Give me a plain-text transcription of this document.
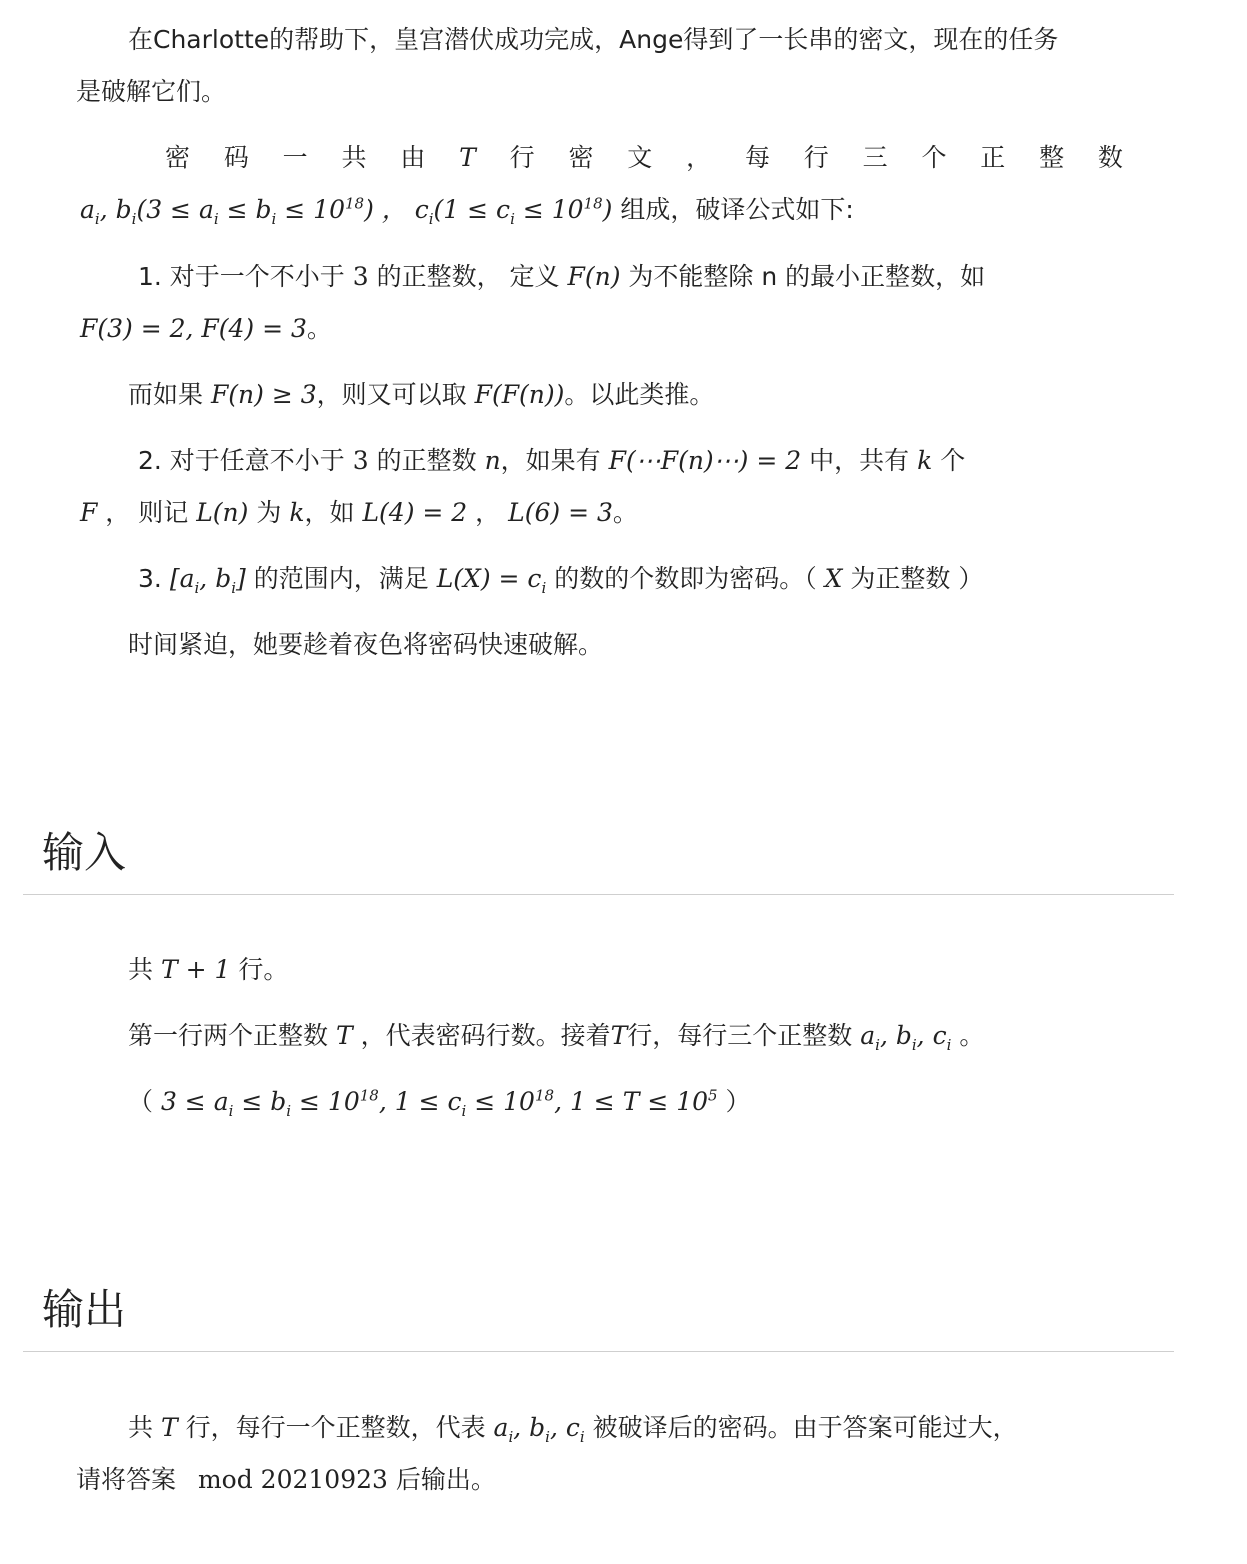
在Charlotte的帮助下，皇宫潜伏成功完成，Ange得到了一长串的密文，现在的任务
是破解它们。
密 码 一 共 由 T 行 密 文 ， 每 行 三 个 正 整 数
$a_i$, $b_i(3 \le a_i \le b_i \le 10^{18})$ ， $c_i(1 \le c_i \le 10^{18})$ 组成，破译公式如下:
1. 对于一个不小于 3 的正整数， 定义 F(n) 为不能整除 n 的最小正整数，如
F(3) = 2, F(4) = 3。
而如果 F(n) ≥ 3，则又可以取 F(F(n))。以此类推。
2. 对于任意不小于 3 的正整数 n，如果有 F(⋯F(n)⋯) = 2 中，共有 k 个
F ， 则记 L(n) 为 k，如 L(4) = 2 ， L(6) = 3。
3. [$a_i$, $b_i$] 的范围内，满足 $L(X) = c_i$ 的数的个数即为密码。（ X 为正整数 ）
时间紧迫，她要趁着夜色将密码快速破解。
输入
共 T + 1 行。
第一行两个正整数 T ，代表密码行数。接着T行，每行三个正整数 $a_i$, $b_i$, $c_i$ 。
（ $3 \le a_i \le b_i \le 10^{18}$, $1 \le c_i \le 10^{18}$, $1 \le T \le 10^5$ ）
输出
共 T 行，每行一个正整数，代表 $a_i$, $b_i$, $c_i$ 被破译后的密码。由于答案可能过大，
请将答案 mod 20210923 后输出。
